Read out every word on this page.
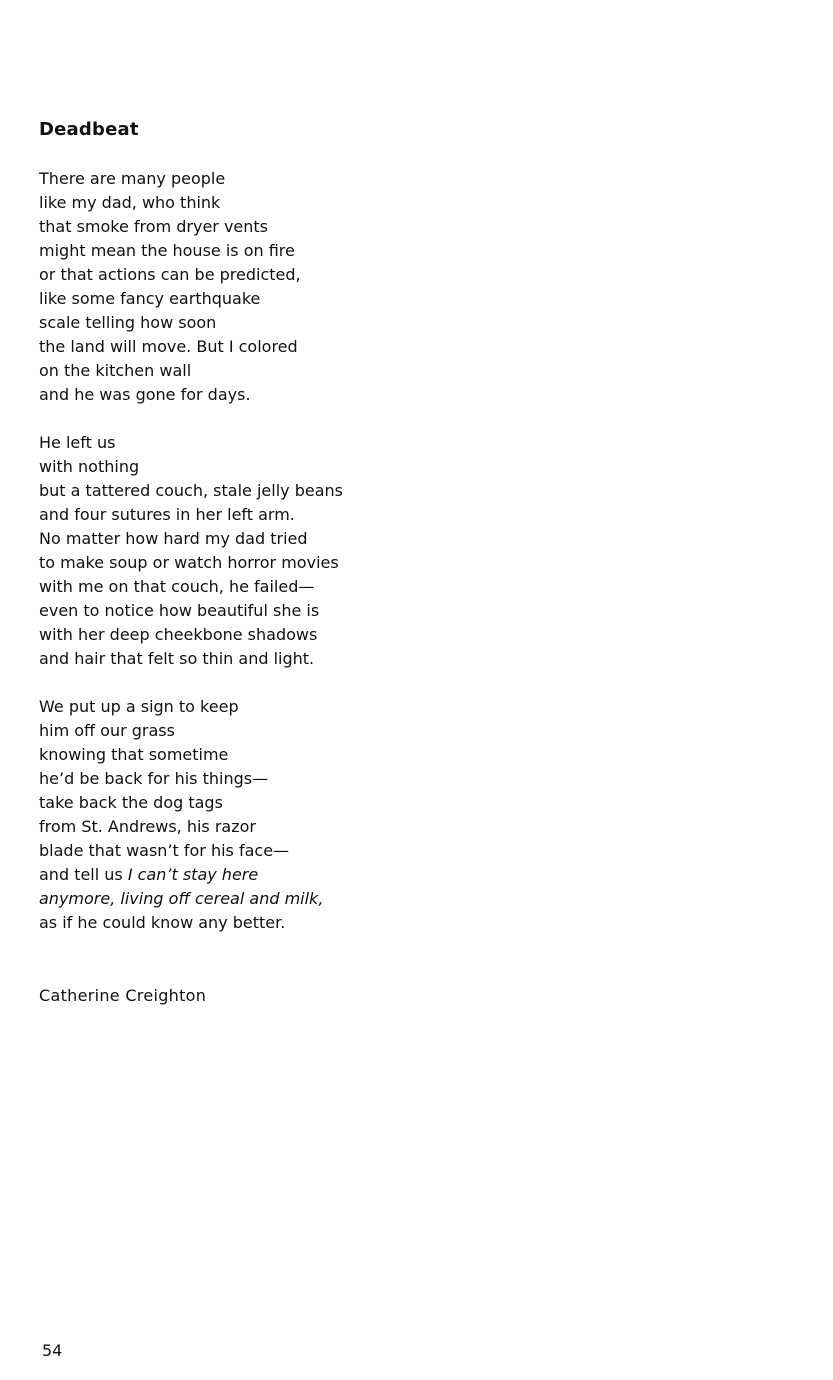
Deadbeat
There are many people
like my dad, who think
that smoke from dryer vents
might mean the house is on fire
or that actions can be predicted,
like some fancy earthquake
scale telling how soon
the land will move. But I colored
on the kitchen wall
and he was gone for days.
He left us
with nothing
but a tattered couch, stale jelly beans
and four sutures in her left arm.
No matter how hard my dad tried
to make soup or watch horror movies
with me on that couch, he failed—
even to notice how beautiful she is
with her deep cheekbone shadows
and hair that felt so thin and light.
We put up a sign to keep
him off our grass
knowing that sometime
he’d be back for his things—
take back the dog tags
from St. Andrews, his razor
blade that wasn’t for his face—
and tell us I can’t stay here
anymore, living off cereal and milk,
as if he could know any better.

Catherine Creighton

54
